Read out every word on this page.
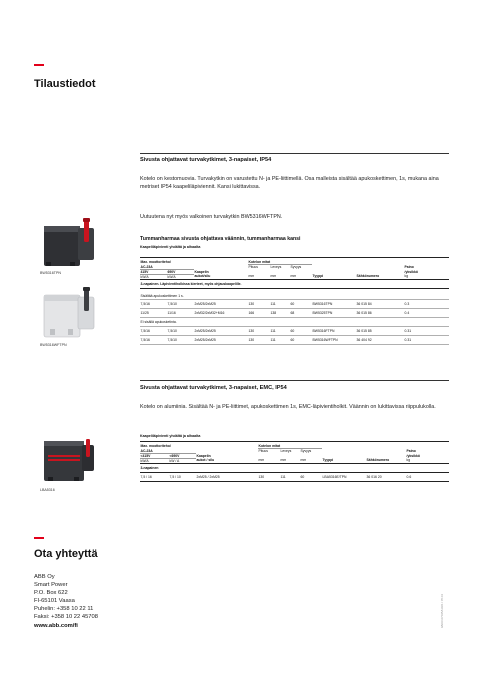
Tilaustiedot
Sivusta ohjattavat turvakytkimet, 3-napaiset, IP54
Kotelo on kestomuovia. Turvakytkin on varustettu N- ja PE-liittimellä. Osa malleista sisältää apukoskettimen, 1s, mukana aina metriset IP54 kaapeliläpiviennit. Kansi lukittavissa.
Uutuutena nyt myös valkoinen turvakytkin BW5316WFTPN.
Tummanharmaa sivusta ohjattava väännin, tummanharmaa kansi
Kaapeliläpivienti yhdältä ja alhaalta
Max. moottoriteho/			Kotelon mitat					
AC-23A			Pituus	Leveys	Syvyys			Paino
415V	690V	Kaapelin						/yksikkö
kW/A	kW/A	aukot/silu	mm	mm	mm	Tyyppi	Sähkönumero	kg
3-napainen. Läpivientiholkissa kierteet, myös ohjauskaapelille.								

Sisältää apukoskettimen 1 s.								
7,5/16	7,5/10	2xM25/2xM25	130	111	60	BW5316TPN	36 015 84	0.3
11/25	11/16	2xM32/2xM32+M16	166	138	68	BW5325TPN	36 015 86	0.4
Ei sisällä apukosketinta.								
7,5/16	7,5/10	2xM25/2xM25	130	111	60	BW5316FTPN	36 015 85	0.31
7,5/16	7,5/10	2xM25/2xM25	130	111	60	BW5316WFTPN	36 404 92	0.31
BW5316TPN
BW5316WFTPN
Sivusta ohjattavat turvakytkimet, 3-napaiset, EMC, IP54
Kotelo on alumiinia. Sisältää N- ja PE-liittimet, apukoskettimen 1s, EMC-läpivientiholkit. Väännin on lukittavissa riippulukolla.
Kaapeliläpivienti yhdältä ja alhaalta
Max. moottoriteho/			Kotelon mitat					
AC-23A			Pituus	Leveys	Syvyys			Paino
<415V	<690V	Kaapelin						/yksikkö
kW/A	kW / A	aukot / silu	mm	mm	mm	Tyyppi	Sähkönumero	kg
3-napainen								
7,5 / 16	7,5 / 10	2xM25 / 2xM25	130	111	60	LBA5316E/TPN	36 016 20	0.6
LBA5316
Ota yhteyttä
ABB Oy
Smart Power
P.O. Box 622
FI-65101 Vaasa
Puhelin: +358 10 22 11
Faksi: +358 10 22 45708
www.abb.com/fi	9AKK107045A1061 / 05.04
